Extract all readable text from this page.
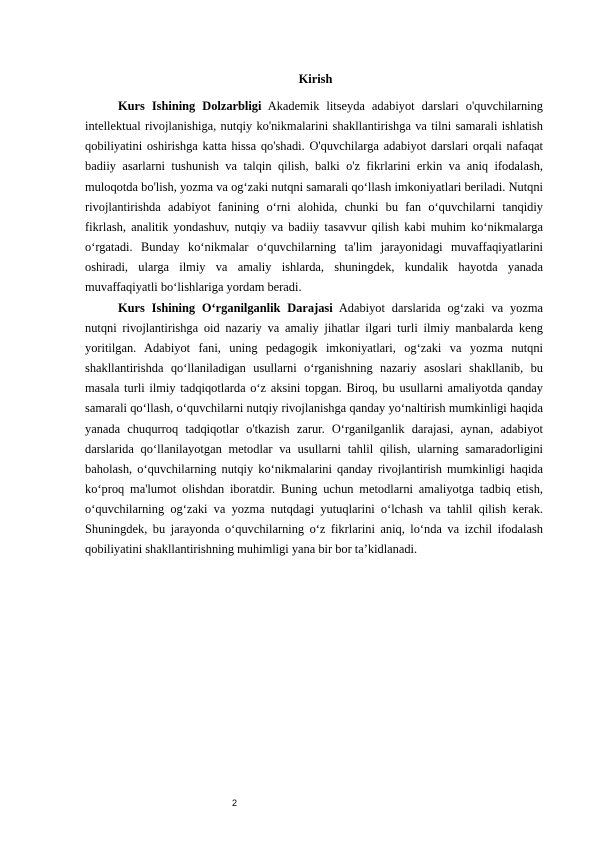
Kirish

Kurs Ishining Dolzarbligi Akademik litseyda adabiyot darslari o'quvchilarning intellektual rivojlanishiga, nutqiy ko'nikmalarini shakllantirishga va tilni samarali ishlatish qobiliyatini oshirishga katta hissa qo'shadi. O'quvchilarga adabiyot darslari orqali nafaqat badiiy asarlarni tushunish va talqin qilish, balki o'z fikrlarini erkin va aniq ifodalash, muloqotda bo'lish, yozma va og‘zaki nutqni samarali qo‘llash imkoniyatlari beriladi. Nutqni rivojlantirishda adabiyot fanining o‘rni alohida, chunki bu fan o‘quvchilarni tanqidiy fikrlash, analitik yondashuv, nutqiy va badiiy tasavvur qilish kabi muhim ko‘nikmalarga o‘rgatadi. Bunday ko‘nikmalar o‘quvchilarning ta'lim jarayonidagi muvaffaqiyatlarini oshiradi, ularga ilmiy va amaliy ishlarda, shuningdek, kundalik hayotda yanada muvaffaqiyatli bo‘lishlariga yordam beradi.

Kurs Ishining O‘rganilganlik Darajasi Adabiyot darslarida og‘zaki va yozma nutqni rivojlantirishga oid nazariy va amaliy jihatlar ilgari turli ilmiy manbalarda keng yoritilgan. Adabiyot fani, uning pedagogik imkoniyatlari, og‘zaki va yozma nutqni shakllantirishda qo‘llaniladigan usullarni o‘rganishning nazariy asoslari shakllanib, bu masala turli ilmiy tadqiqotlarda o‘z aksini topgan. Biroq, bu usullarni amaliyotda qanday samarali qo‘llash, o‘quvchilarni nutqiy rivojlanishga qanday yo‘naltirish mumkinligi haqida yanada chuqurroq tadqiqotlar o'tkazish zarur. O‘rganilganlik darajasi, aynan, adabiyot darslarida qo‘llanilayotgan metodlar va usullarni tahlil qilish, ularning samaradorligini baholash, o‘quvchilarning nutqiy ko‘nikmalarini qanday rivojlantirish mumkinligi haqida ko‘proq ma'lumot olishdan iboratdir. Buning uchun metodlarni amaliyotga tadbiq etish, o‘quvchilarning og‘zaki va yozma nutqdagi yutuqlarini o‘lchash va tahlil qilish kerak. Shuningdek, bu jarayonda o‘quvchilarning o‘z fikrlarini aniq, lo‘nda va izchil ifodalash qobiliyatini shakllantirishning muhimligi yana bir bor ta’kidlanadi.

2
